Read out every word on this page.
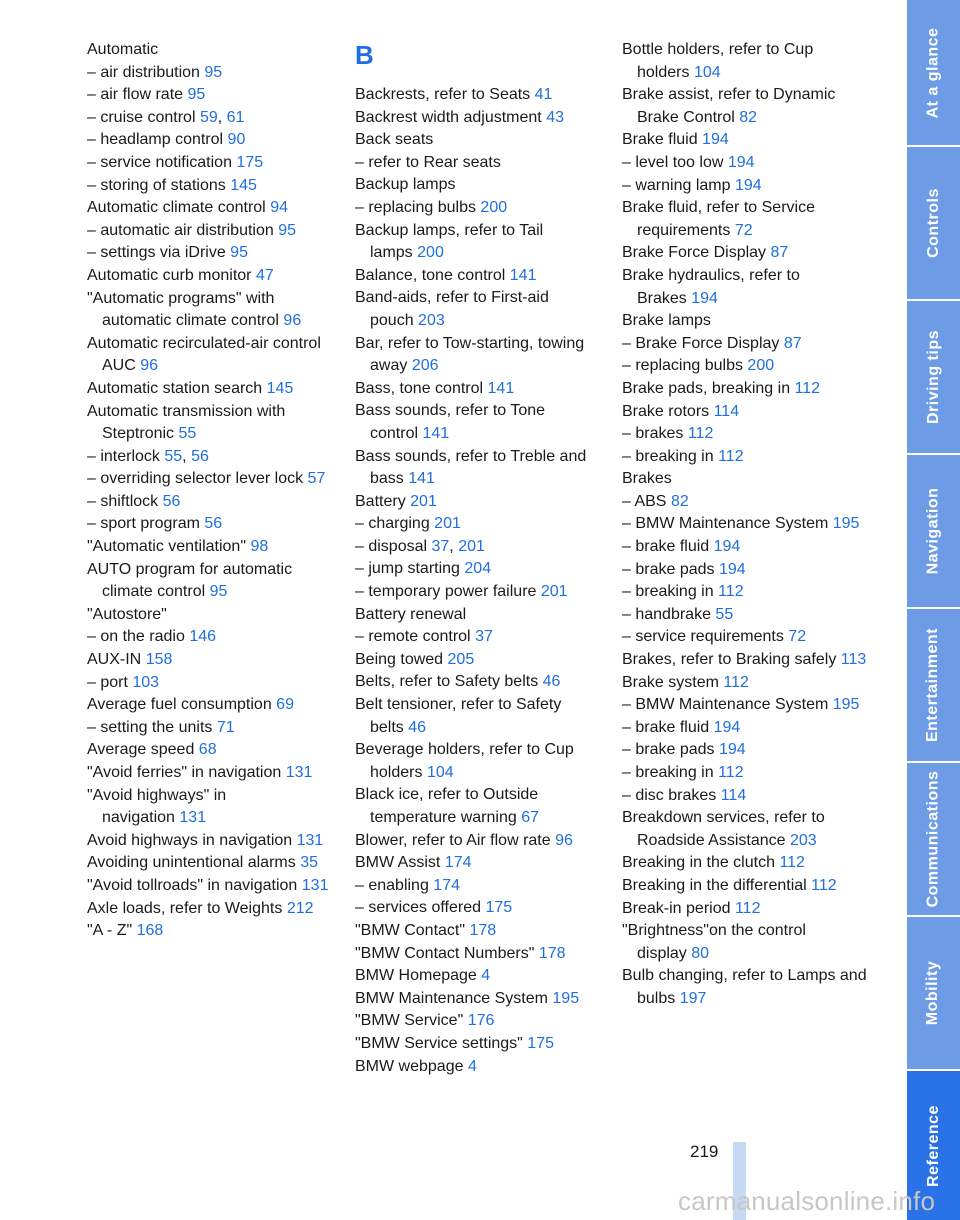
Automatic
– air distribution 95
– air flow rate 95
– cruise control 59, 61
– headlamp control 90
– service notification 175
– storing of stations 145
Automatic climate control 94
– automatic air distribution 95
– settings via iDrive 95
Automatic curb monitor 47
"Automatic programs" with automatic climate control 96
Automatic recirculated-air control AUC 96
Automatic station search 145
Automatic transmission with Steptronic 55
– interlock 55, 56
– overriding selector lever lock 57
– shiftlock 56
– sport program 56
"Automatic ventilation" 98
AUTO program for automatic climate control 95
"Autostore"
– on the radio 146
AUX-IN 158
– port 103
Average fuel consumption 69
– setting the units 71
Average speed 68
"Avoid ferries" in navigation 131
"Avoid highways" in navigation 131
Avoid highways in navigation 131
Avoiding unintentional alarms 35
"Avoid tollroads" in navigation 131
Axle loads, refer to Weights 212
"A - Z" 168
B
Backrests, refer to Seats 41
Backrest width adjustment 43
Back seats
– refer to Rear seats
Backup lamps
– replacing bulbs 200
Backup lamps, refer to Tail lamps 200
Balance, tone control 141
Band-aids, refer to First-aid pouch 203
Bar, refer to Tow-starting, towing away 206
Bass, tone control 141
Bass sounds, refer to Tone control 141
Bass sounds, refer to Treble and bass 141
Battery 201
– charging 201
– disposal 37, 201
– jump starting 204
– temporary power failure 201
Battery renewal
– remote control 37
Being towed 205
Belts, refer to Safety belts 46
Belt tensioner, refer to Safety belts 46
Beverage holders, refer to Cup holders 104
Black ice, refer to Outside temperature warning 67
Blower, refer to Air flow rate 96
BMW Assist 174
– enabling 174
– services offered 175
"BMW Contact" 178
"BMW Contact Numbers" 178
BMW Homepage 4
BMW Maintenance System 195
"BMW Service" 176
"BMW Service settings" 175
BMW webpage 4
Bottle holders, refer to Cup holders 104
Brake assist, refer to Dynamic Brake Control 82
Brake fluid 194
– level too low 194
– warning lamp 194
Brake fluid, refer to Service requirements 72
Brake Force Display 87
Brake hydraulics, refer to Brakes 194
Brake lamps
– Brake Force Display 87
– replacing bulbs 200
Brake pads, breaking in 112
Brake rotors 114
– brakes 112
– breaking in 112
Brakes
– ABS 82
– BMW Maintenance System 195
– brake fluid 194
– brake pads 194
– breaking in 112
– handbrake 55
– service requirements 72
Brakes, refer to Braking safely 113
Brake system 112
– BMW Maintenance System 195
– brake fluid 194
– brake pads 194
– breaking in 112
– disc brakes 114
Breakdown services, refer to Roadside Assistance 203
Breaking in the clutch 112
Breaking in the differential 112
Break-in period 112
"Brightness"on the control display 80
Bulb changing, refer to Lamps and bulbs 197
At a glance
Controls
Driving tips
Navigation
Entertainment
Communications
Mobility
Reference
219
carmanualsonline.info
